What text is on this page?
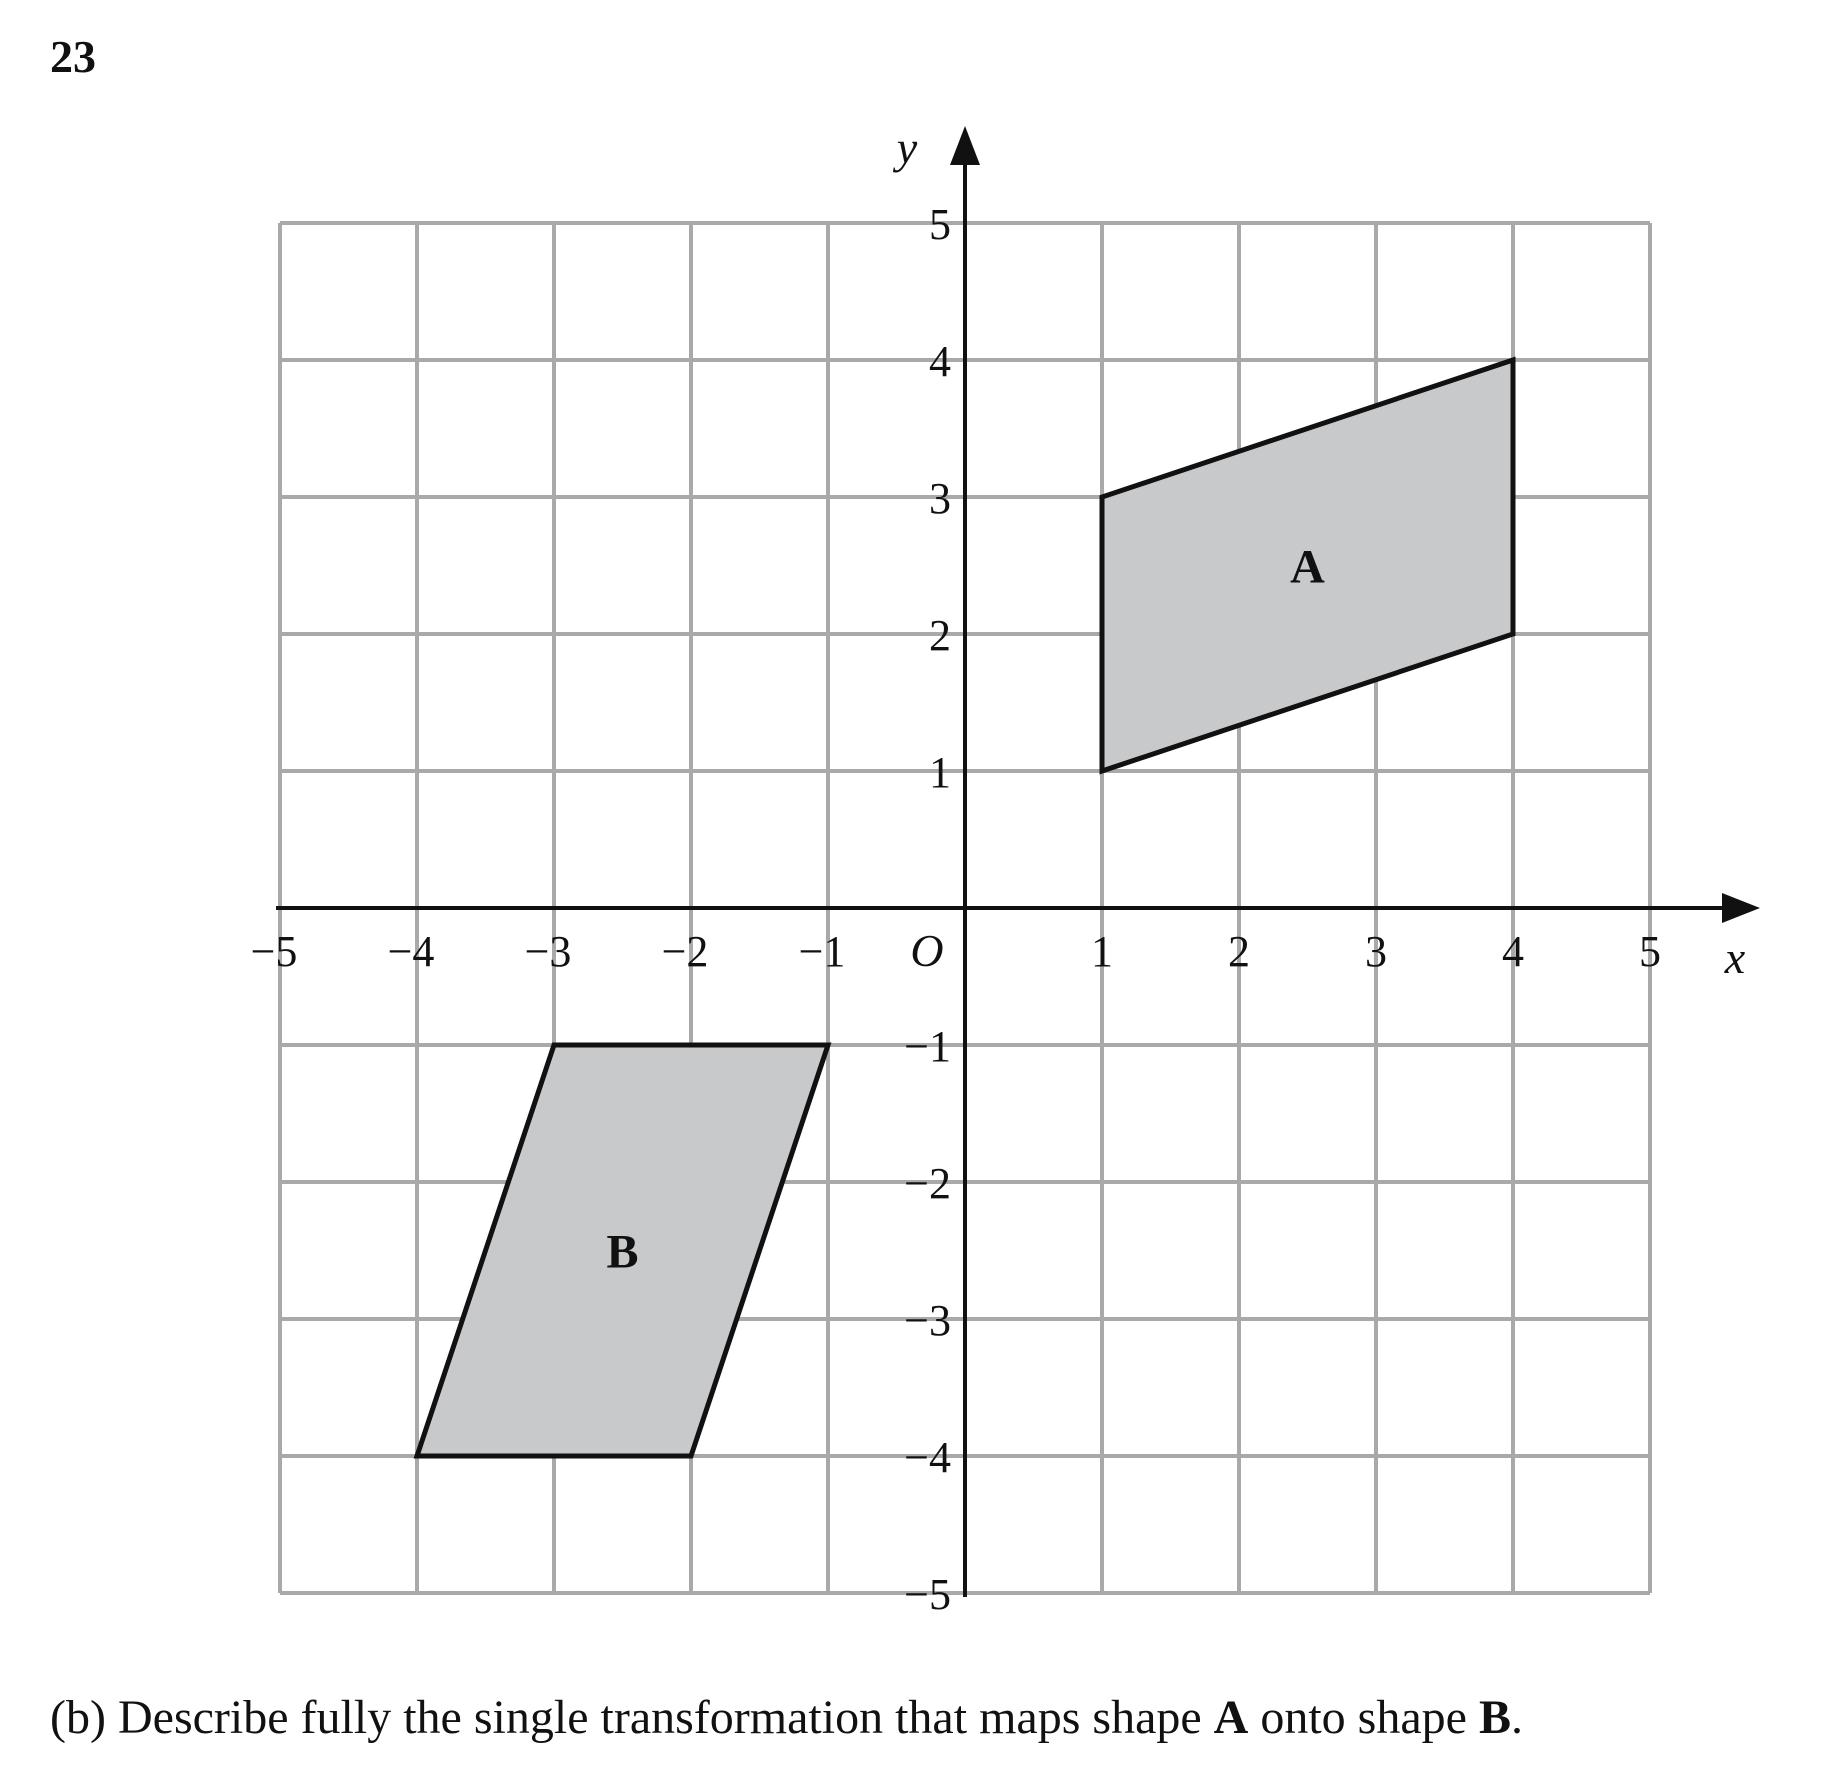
23
A
B
−5 −4 −3 −2 −1	1	2	3	4	5
5
4
3
2
1
−1
−2
−3
−4
−5
O	x
y
(b) Describe fully the single transformation that maps shape A onto shape B.
